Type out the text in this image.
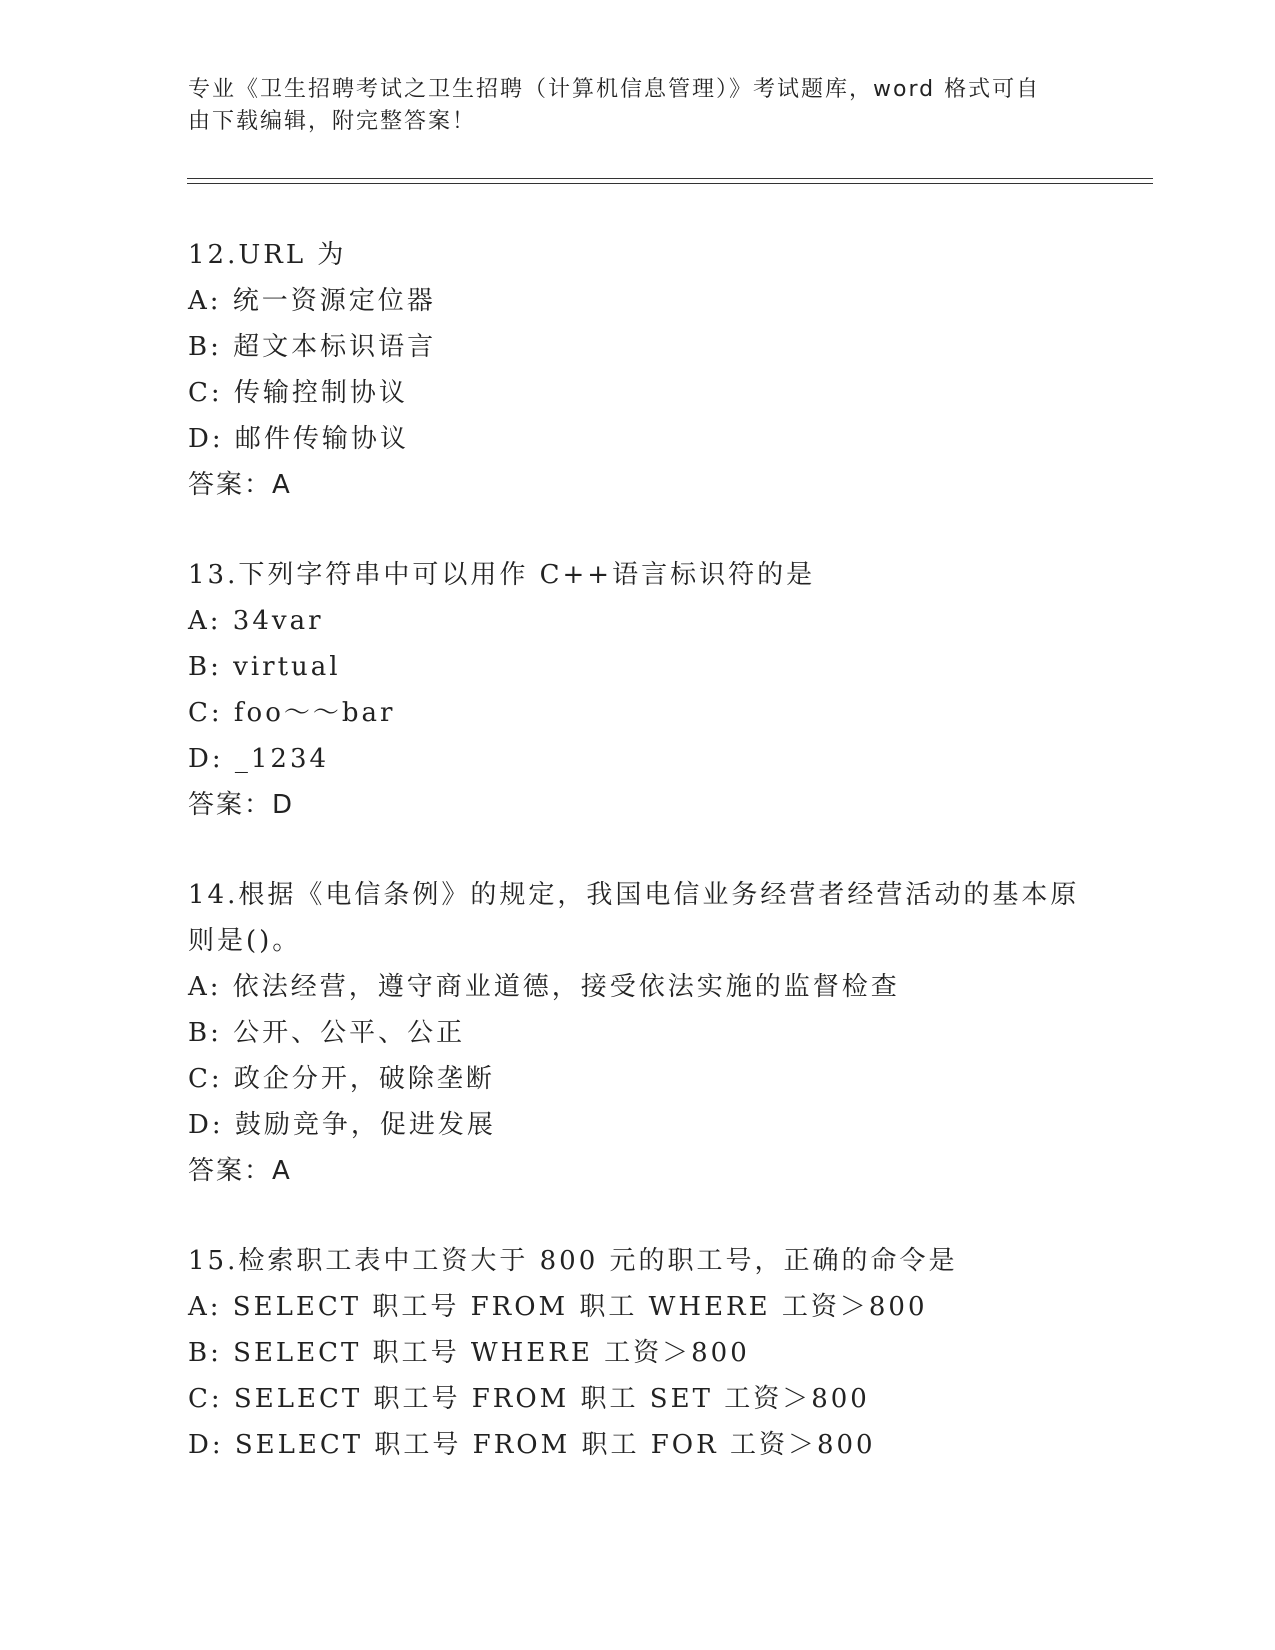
专业《卫生招聘考试之卫生招聘（计算机信息管理）》考试题库，word 格式可自
由下载编辑，附完整答案！
12.URL 为
A: 统一资源定位器
B: 超文本标识语言
C: 传输控制协议
D: 邮件传输协议
答案：A
13.下列字符串中可以用作 C++语言标识符的是
A: 34var
B: virtual
C: foo～～bar
D: _1234
答案：D
14.根据《电信条例》的规定，我国电信业务经营者经营活动的基本原
则是()。
A: 依法经营，遵守商业道德，接受依法实施的监督检查
B: 公开、公平、公正
C: 政企分开，破除垄断
D: 鼓励竞争，促进发展
答案：A
15.检索职工表中工资大于 800 元的职工号，正确的命令是
A: SELECT 职工号 FROM 职工 WHERE 工资＞800
B: SELECT 职工号 WHERE 工资＞800
C: SELECT 职工号 FROM 职工 SET 工资＞800
D: SELECT 职工号 FROM 职工 FOR 工资＞800
